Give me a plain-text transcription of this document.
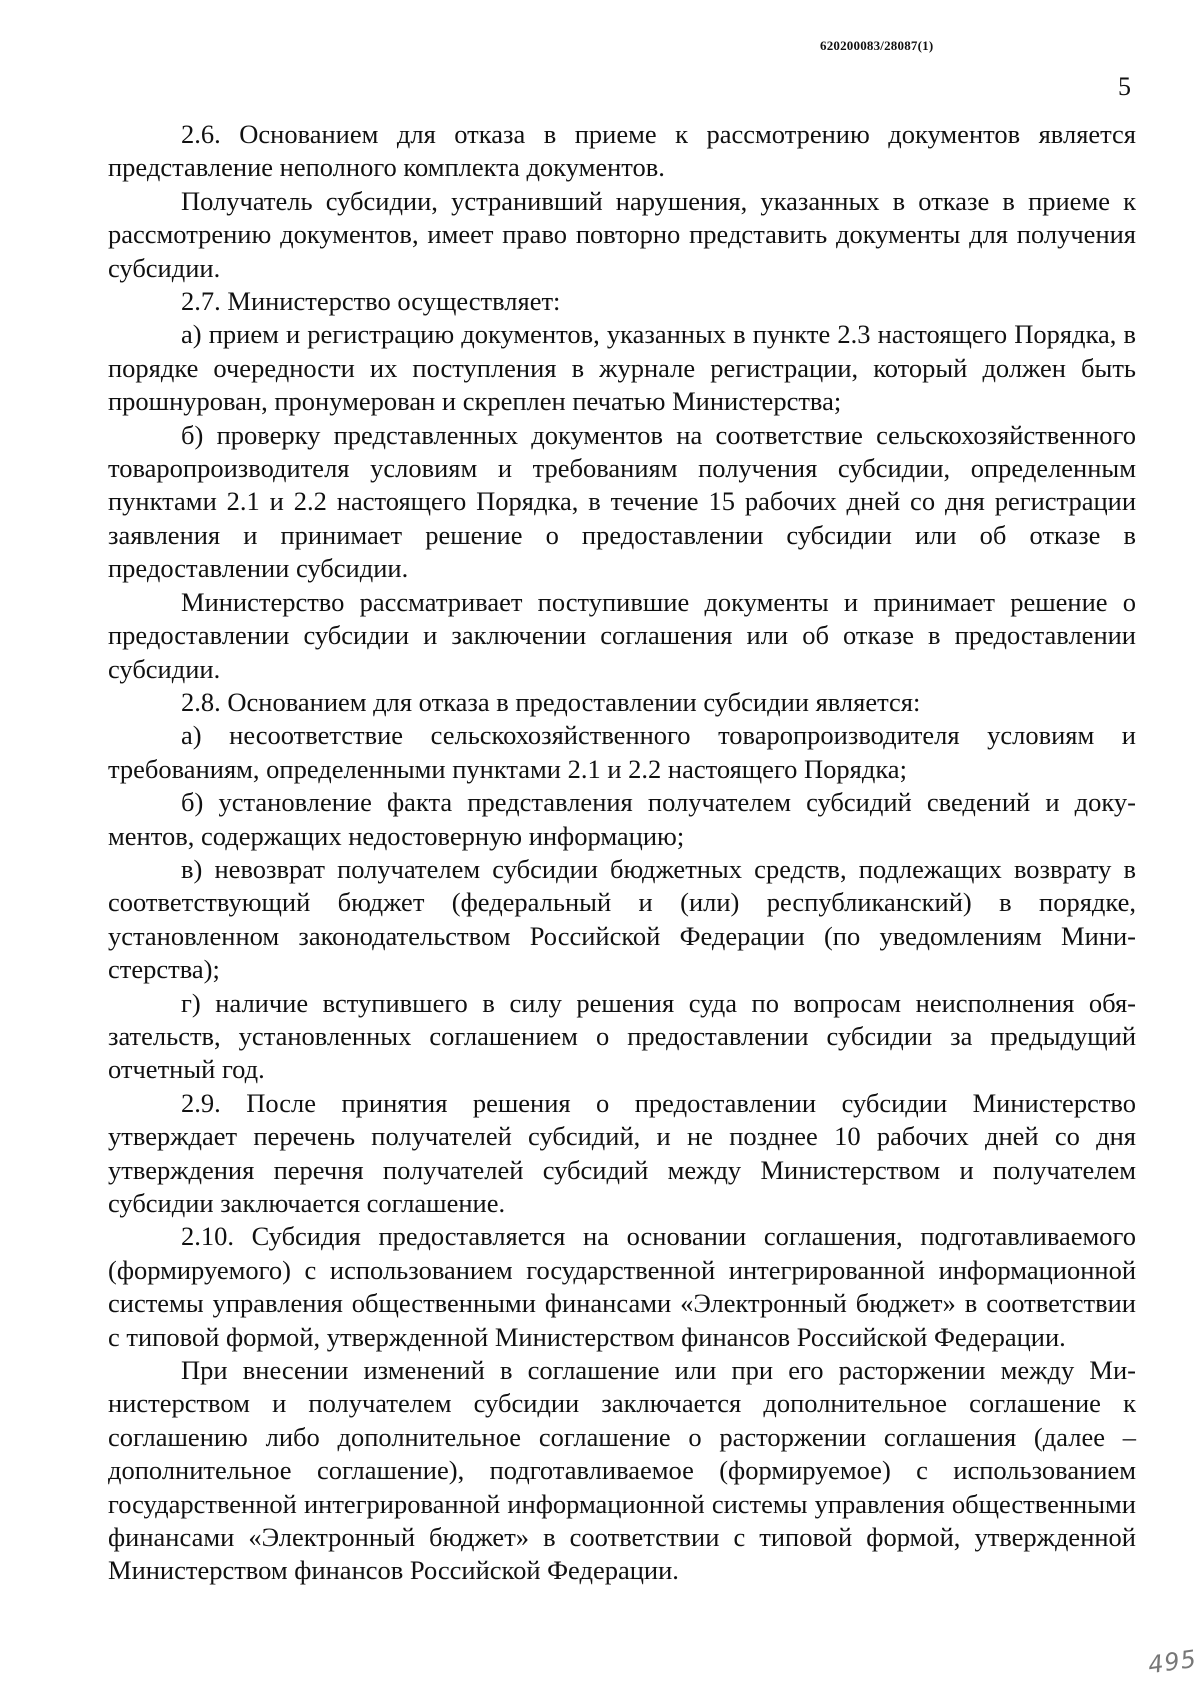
620200083/28087(1)
5

2.6. Основанием для отказа в приеме к рассмотрению документов является представление неполного комплекта документов.

Получатель субсидии, устранивший нарушения, указанных в отказе в приеме к рассмотрению документов, имеет право повторно представить документы для получения субсидии.

2.7. Министерство осуществляет:

а) прием и регистрацию документов, указанных в пункте 2.3 настоящего Порядка, в порядке очередности их поступления в журнале регистрации, который должен быть прошнурован, пронумерован и скреплен печатью Министерства;

б) проверку представленных документов на соответствие сельскохозяйственного товаропроизводителя условиям и требованиям получения субсидии, определенным пунктами 2.1 и 2.2 настоящего Порядка, в течение 15 рабочих дней со дня регистрации заявления и принимает решение о предоставлении субсидии или об отказе в предоставлении субсидии.

Министерство рассматривает поступившие документы и принимает решение о предоставлении субсидии и заключении соглашения или об отказе в предоставлении субсидии.

2.8. Основанием для отказа в предоставлении субсидии является:

а) несоответствие сельскохозяйственного товаропроизводителя условиям и требованиям, определенными пунктами 2.1 и 2.2 настоящего Порядка;

б) установление факта представления получателем субсидий сведений и документов, содержащих недостоверную информацию;

в) невозврат получателем субсидии бюджетных средств, подлежащих возврату в соответствующий бюджет (федеральный и (или) республиканский) в порядке, установленном законодательством Российской Федерации (по уведомлениям Министерства);

г) наличие вступившего в силу решения суда по вопросам неисполнения обязательств, установленных соглашением о предоставлении субсидии за предыдущий отчетный год.

2.9. После принятия решения о предоставлении субсидии Министерство утверждает перечень получателей субсидий, и не позднее 10 рабочих дней со дня утверждения перечня получателей субсидий между Министерством и получателем субсидии заключается соглашение.

2.10. Субсидия предоставляется на основании соглашения, подготавливаемого (формируемого) с использованием государственной интегрированной информационной системы управления общественными финансами «Электронный бюджет» в соответствии с типовой формой, утвержденной Министерством финансов Российской Федерации.

При внесении изменений в соглашение или при его расторжении между Министерством и получателем субсидии заключается дополнительное соглашение к соглашению либо дополнительное соглашение о расторжении соглашения (далее – дополнительное соглашение), подготавливаемое (формируемое) с использованием государственной интегрированной информационной системы управления общественными финансами «Электронный бюджет» в соответствии с типовой формой, утвержденной Министерством финансов Российской Федерации.

495
